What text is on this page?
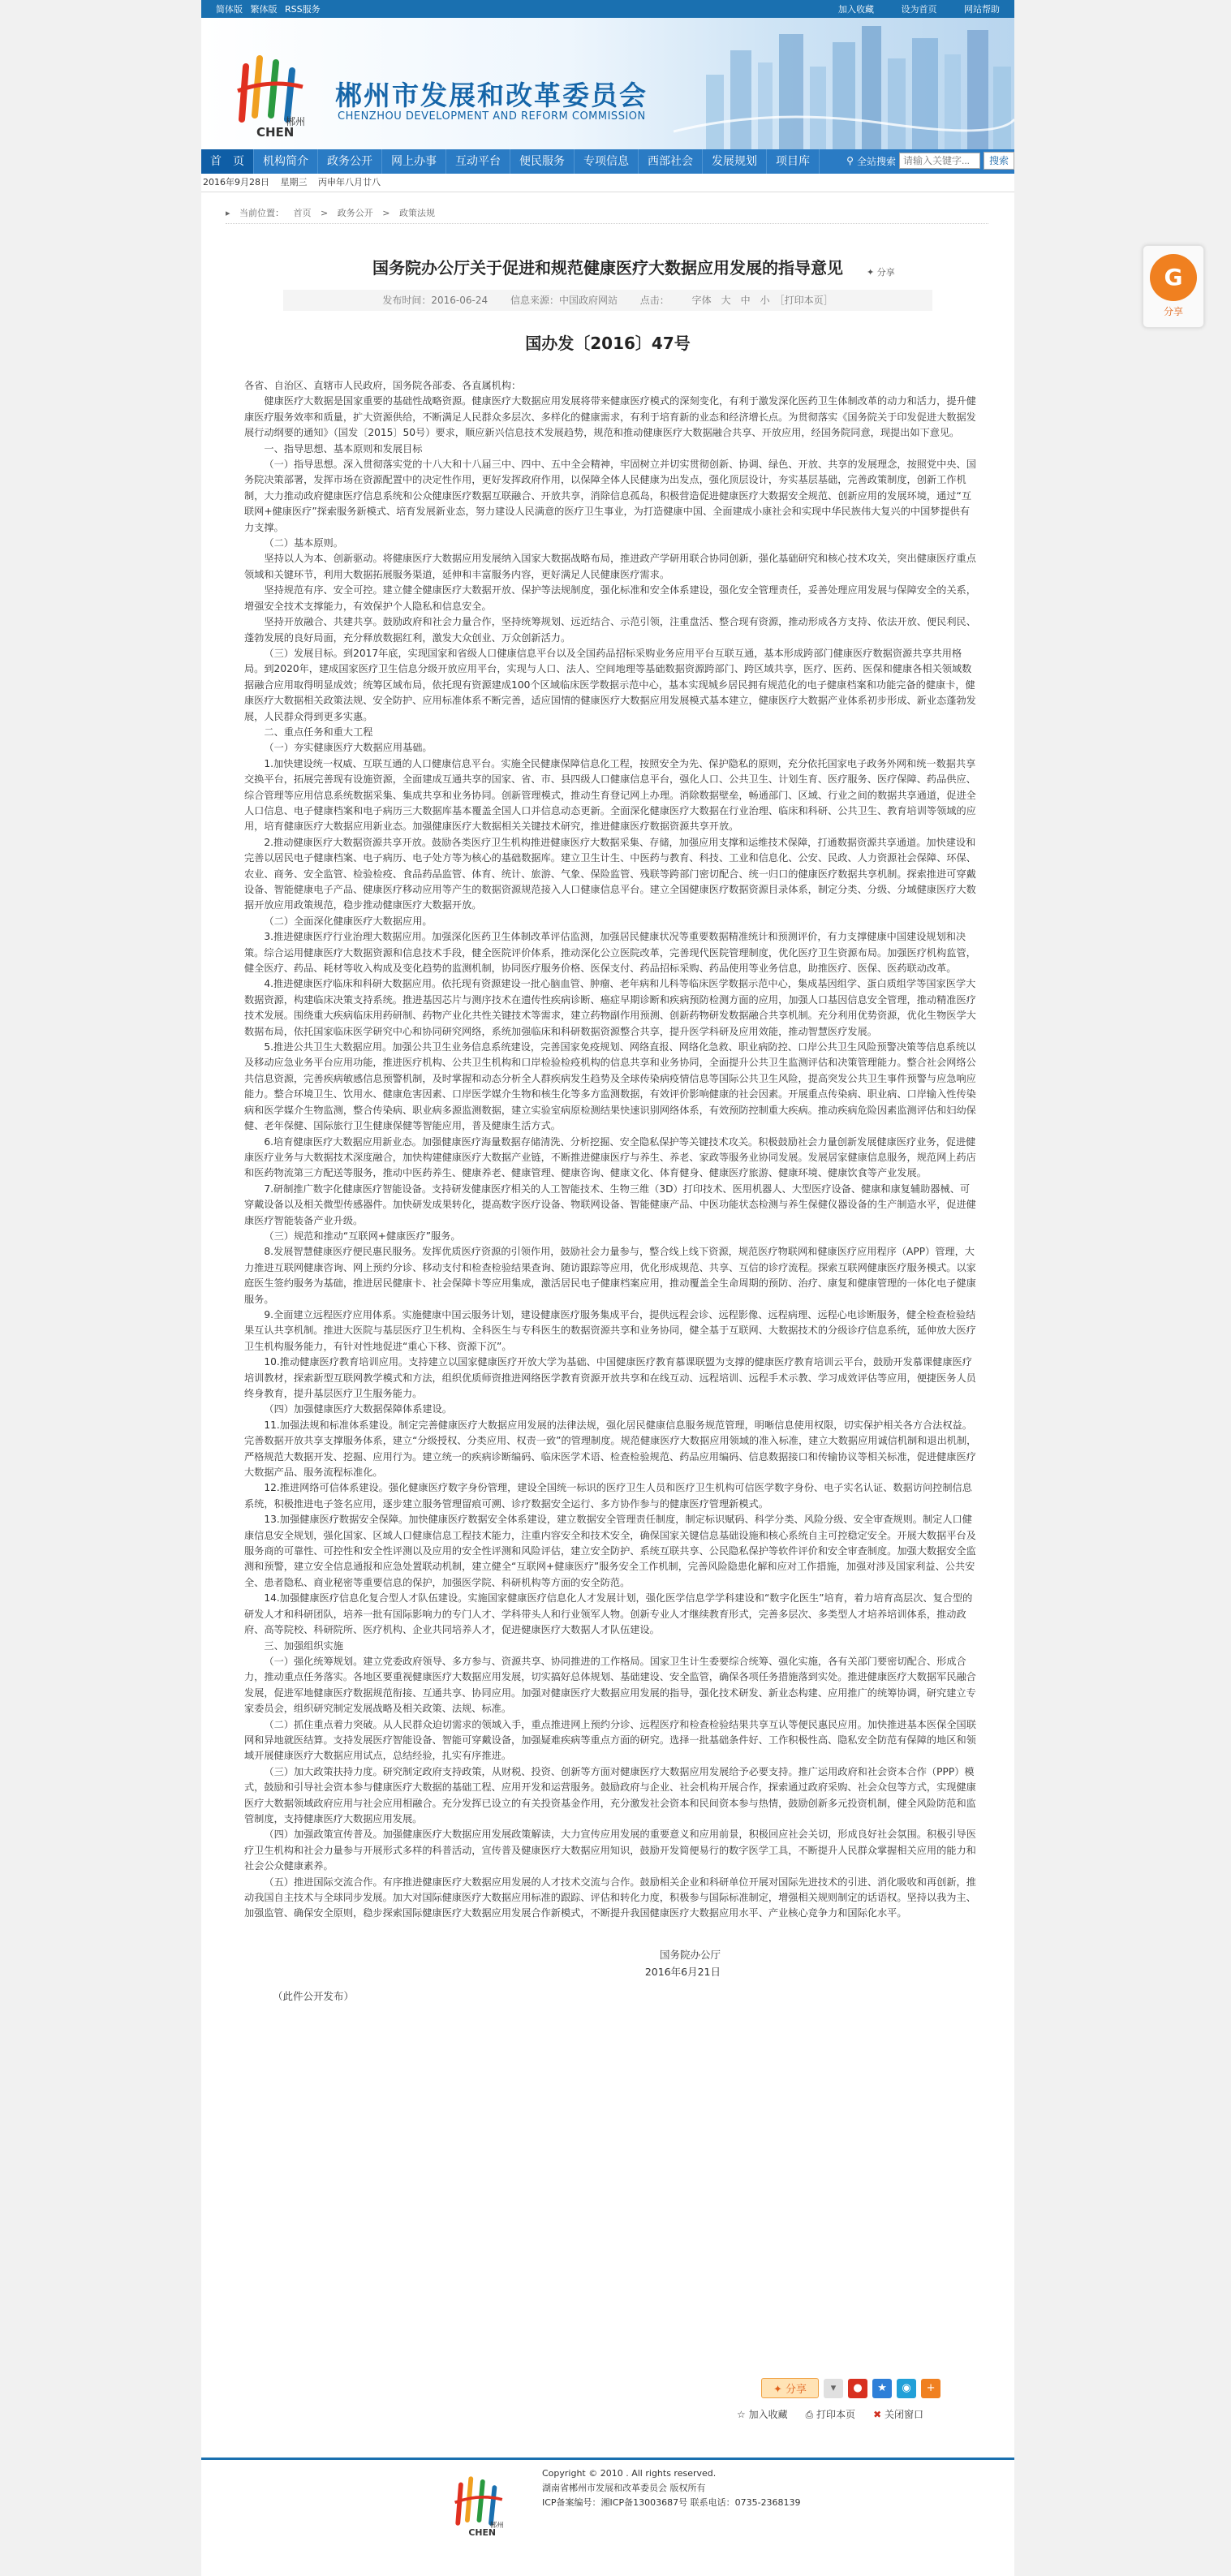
简体版 繁体版 RSS服务	加入收藏	设为首页	网站帮助
郴州
CHEN
郴州市发展和改革委员会
CHENZHOU DEVELOPMENT AND REFORM COMMISSION
首　页	机构简介	政务公开	网上办事	互动平台	便民服务	专项信息	西部社会	发展规划	项目库	⚲ 全站搜索
请输入关键字...	搜索
2016年9月28日 星期三 丙申年八月廿八
▸ 当前位置： 首页 > 政务公开 > 政策法规
国务院办公厅关于促进和规范健康医疗大数据应用发展的指导意见	✦ 分享
发布时间：2016-06-24 信息来源：中国政府网站 点击： 字体　大　中　小　［打印本页］
国办发〔2016〕47号

各省、自治区、直辖市人民政府，国务院各部委、各直属机构：

健康医疗大数据是国家重要的基础性战略资源。健康医疗大数据应用发展将带来健康医疗模式的深刻变化，有利于激发深化医药卫生体制改革的动力和活力，提升健康医疗服务效率和质量，扩大资源供给，不断满足人民群众多层次、多样化的健康需求，有利于培育新的业态和经济增长点。为贯彻落实《国务院关于印发促进大数据发展行动纲要的通知》（国发〔2015〕50号）要求，顺应新兴信息技术发展趋势，规范和推动健康医疗大数据融合共享、开放应用，经国务院同意，现提出如下意见。

一、指导思想、基本原则和发展目标

（一）指导思想。深入贯彻落实党的十八大和十八届三中、四中、五中全会精神，牢固树立并切实贯彻创新、协调、绿色、开放、共享的发展理念，按照党中央、国务院决策部署，发挥市场在资源配置中的决定性作用，更好发挥政府作用，以保障全体人民健康为出发点，强化顶层设计，夯实基层基础，完善政策制度，创新工作机制，大力推动政府健康医疗信息系统和公众健康医疗数据互联融合、开放共享，消除信息孤岛，积极营造促进健康医疗大数据安全规范、创新应用的发展环境，通过“互联网+健康医疗”探索服务新模式、培育发展新业态，努力建设人民满意的医疗卫生事业，为打造健康中国、全面建成小康社会和实现中华民族伟大复兴的中国梦提供有力支撑。

（二）基本原则。

坚持以人为本、创新驱动。将健康医疗大数据应用发展纳入国家大数据战略布局，推进政产学研用联合协同创新，强化基础研究和核心技术攻关，突出健康医疗重点领域和关键环节，利用大数据拓展服务渠道，延伸和丰富服务内容，更好满足人民健康医疗需求。

坚持规范有序、安全可控。建立健全健康医疗大数据开放、保护等法规制度，强化标准和安全体系建设，强化安全管理责任，妥善处理应用发展与保障安全的关系，增强安全技术支撑能力，有效保护个人隐私和信息安全。

坚持开放融合、共建共享。鼓励政府和社会力量合作，坚持统筹规划、远近结合、示范引领，注重盘活、整合现有资源，推动形成各方支持、依法开放、便民利民、蓬勃发展的良好局面，充分释放数据红利，激发大众创业、万众创新活力。

（三）发展目标。到2017年底，实现国家和省级人口健康信息平台以及全国药品招标采购业务应用平台互联互通，基本形成跨部门健康医疗数据资源共享共用格局。到2020年，建成国家医疗卫生信息分级开放应用平台，实现与人口、法人、空间地理等基础数据资源跨部门、跨区域共享，医疗、医药、医保和健康各相关领域数据融合应用取得明显成效；统筹区域布局，依托现有资源建成100个区域临床医学数据示范中心，基本实现城乡居民拥有规范化的电子健康档案和功能完备的健康卡，健康医疗大数据相关政策法规、安全防护、应用标准体系不断完善，适应国情的健康医疗大数据应用发展模式基本建立，健康医疗大数据产业体系初步形成、新业态蓬勃发展，人民群众得到更多实惠。

二、重点任务和重大工程

（一）夯实健康医疗大数据应用基础。

1.加快建设统一权威、互联互通的人口健康信息平台。实施全民健康保障信息化工程，按照安全为先、保护隐私的原则，充分依托国家电子政务外网和统一数据共享交换平台，拓展完善现有设施资源，全面建成互通共享的国家、省、市、县四级人口健康信息平台，强化人口、公共卫生、计划生育、医疗服务、医疗保障、药品供应、综合管理等应用信息系统数据采集、集成共享和业务协同。创新管理模式，推动生育登记网上办理。消除数据壁垒，畅通部门、区域、行业之间的数据共享通道，促进全人口信息、电子健康档案和电子病历三大数据库基本覆盖全国人口并信息动态更新。全面深化健康医疗大数据在行业治理、临床和科研、公共卫生、教育培训等领域的应用，培育健康医疗大数据应用新业态。加强健康医疗大数据相关关键技术研究，推进健康医疗数据资源共享开放。

2.推动健康医疗大数据资源共享开放。鼓励各类医疗卫生机构推进健康医疗大数据采集、存储，加强应用支撑和运维技术保障，打通数据资源共享通道。加快建设和完善以居民电子健康档案、电子病历、电子处方等为核心的基础数据库。建立卫生计生、中医药与教育、科技、工业和信息化、公安、民政、人力资源社会保障、环保、农业、商务、安全监管、检验检疫、食品药品监管、体育、统计、旅游、气象、保险监管、残联等跨部门密切配合、统一归口的健康医疗数据共享机制。探索推进可穿戴设备、智能健康电子产品、健康医疗移动应用等产生的数据资源规范接入人口健康信息平台。建立全国健康医疗数据资源目录体系，制定分类、分级、分域健康医疗大数据开放应用政策规范，稳步推动健康医疗大数据开放。

（二）全面深化健康医疗大数据应用。

3.推进健康医疗行业治理大数据应用。加强深化医药卫生体制改革评估监测，加强居民健康状况等重要数据精准统计和预测评价，有力支撑健康中国建设规划和决策。综合运用健康医疗大数据资源和信息技术手段，健全医院评价体系，推动深化公立医院改革，完善现代医院管理制度，优化医疗卫生资源布局。加强医疗机构监管，健全医疗、药品、耗材等收入构成及变化趋势的监测机制，协同医疗服务价格、医保支付、药品招标采购、药品使用等业务信息，助推医疗、医保、医药联动改革。

4.推进健康医疗临床和科研大数据应用。依托现有资源建设一批心脑血管、肿瘤、老年病和儿科等临床医学数据示范中心，集成基因组学、蛋白质组学等国家医学大数据资源，构建临床决策支持系统。推进基因芯片与测序技术在遗传性疾病诊断、癌症早期诊断和疾病预防检测方面的应用，加强人口基因信息安全管理，推动精准医疗技术发展。围绕重大疾病临床用药研制、药物产业化共性关键技术等需求，建立药物副作用预测、创新药物研发数据融合共享机制。充分利用优势资源，优化生物医学大数据布局，依托国家临床医学研究中心和协同研究网络，系统加强临床和科研数据资源整合共享，提升医学科研及应用效能，推动智慧医疗发展。

5.推进公共卫生大数据应用。加强公共卫生业务信息系统建设，完善国家免疫规划、网络直报、网络化急救、职业病防控、口岸公共卫生风险预警决策等信息系统以及移动应急业务平台应用功能，推进医疗机构、公共卫生机构和口岸检验检疫机构的信息共享和业务协同，全面提升公共卫生监测评估和决策管理能力。整合社会网络公共信息资源，完善疾病敏感信息预警机制，及时掌握和动态分析全人群疾病发生趋势及全球传染病疫情信息等国际公共卫生风险，提高突发公共卫生事件预警与应急响应能力。整合环境卫生、饮用水、健康危害因素、口岸医学媒介生物和核生化等多方监测数据，有效评价影响健康的社会因素。开展重点传染病、职业病、口岸输入性传染病和医学媒介生物监测，整合传染病、职业病多源监测数据，建立实验室病原检测结果快速识别网络体系，有效预防控制重大疾病。推动疾病危险因素监测评估和妇幼保健、老年保健、国际旅行卫生健康保健等智能应用，普及健康生活方式。

6.培育健康医疗大数据应用新业态。加强健康医疗海量数据存储清洗、分析挖掘、安全隐私保护等关键技术攻关。积极鼓励社会力量创新发展健康医疗业务，促进健康医疗业务与大数据技术深度融合，加快构建健康医疗大数据产业链，不断推进健康医疗与养生、养老、家政等服务业协同发展。发展居家健康信息服务，规范网上药店和医药物流第三方配送等服务，推动中医药养生、健康养老、健康管理、健康咨询、健康文化、体育健身、健康医疗旅游、健康环境、健康饮食等产业发展。

7.研制推广数字化健康医疗智能设备。支持研发健康医疗相关的人工智能技术、生物三维（3D）打印技术、医用机器人、大型医疗设备、健康和康复辅助器械、可穿戴设备以及相关微型传感器件。加快研发成果转化，提高数字医疗设备、物联网设备、智能健康产品、中医功能状态检测与养生保健仪器设备的生产制造水平，促进健康医疗智能装备产业升级。

（三）规范和推动“互联网+健康医疗”服务。

8.发展智慧健康医疗便民惠民服务。发挥优质医疗资源的引领作用，鼓励社会力量参与，整合线上线下资源，规范医疗物联网和健康医疗应用程序（APP）管理，大力推进互联网健康咨询、网上预约分诊、移动支付和检查检验结果查询、随访跟踪等应用，优化形成规范、共享、互信的诊疗流程。探索互联网健康医疗服务模式。以家庭医生签约服务为基础，推进居民健康卡、社会保障卡等应用集成，激活居民电子健康档案应用，推动覆盖全生命周期的预防、治疗、康复和健康管理的一体化电子健康服务。

9.全面建立远程医疗应用体系。实施健康中国云服务计划，建设健康医疗服务集成平台，提供远程会诊、远程影像、远程病理、远程心电诊断服务，健全检查检验结果互认共享机制。推进大医院与基层医疗卫生机构、全科医生与专科医生的数据资源共享和业务协同，健全基于互联网、大数据技术的分级诊疗信息系统，延伸放大医疗卫生机构服务能力，有针对性地促进“重心下移、资源下沉”。

10.推动健康医疗教育培训应用。支持建立以国家健康医疗开放大学为基础、中国健康医疗教育慕课联盟为支撑的健康医疗教育培训云平台，鼓励开发慕课健康医疗培训教材，探索新型互联网教学模式和方法，组织优质师资推进网络医学教育资源开放共享和在线互动、远程培训、远程手术示教、学习成效评估等应用，便捷医务人员终身教育，提升基层医疗卫生服务能力。

（四）加强健康医疗大数据保障体系建设。

11.加强法规和标准体系建设。制定完善健康医疗大数据应用发展的法律法规，强化居民健康信息服务规范管理，明晰信息使用权限，切实保护相关各方合法权益。完善数据开放共享支撑服务体系，建立“分级授权、分类应用、权责一致”的管理制度。规范健康医疗大数据应用领域的准入标准，建立大数据应用诚信机制和退出机制，严格规范大数据开发、挖掘、应用行为。建立统一的疾病诊断编码、临床医学术语、检查检验规范、药品应用编码、信息数据接口和传输协议等相关标准，促进健康医疗大数据产品、服务流程标准化。

12.推进网络可信体系建设。强化健康医疗数字身份管理，建设全国统一标识的医疗卫生人员和医疗卫生机构可信医学数字身份、电子实名认证、数据访问控制信息系统，积极推进电子签名应用，逐步建立服务管理留痕可溯、诊疗数据安全运行、多方协作参与的健康医疗管理新模式。

13.加强健康医疗数据安全保障。加快健康医疗数据安全体系建设，建立数据安全管理责任制度，制定标识赋码、科学分类、风险分级、安全审查规则。制定人口健康信息安全规划，强化国家、区域人口健康信息工程技术能力，注重内容安全和技术安全，确保国家关键信息基础设施和核心系统自主可控稳定安全。开展大数据平台及服务商的可靠性、可控性和安全性评测以及应用的安全性评测和风险评估，建立安全防护、系统互联共享、公民隐私保护等软件评价和安全审查制度。加强大数据安全监测和预警，建立安全信息通报和应急处置联动机制，建立健全“互联网+健康医疗”服务安全工作机制，完善风险隐患化解和应对工作措施，加强对涉及国家利益、公共安全、患者隐私、商业秘密等重要信息的保护，加强医学院、科研机构等方面的安全防范。

14.加强健康医疗信息化复合型人才队伍建设。实施国家健康医疗信息化人才发展计划，强化医学信息学学科建设和“数字化医生”培育，着力培育高层次、复合型的研发人才和科研团队，培养一批有国际影响力的专门人才、学科带头人和行业领军人物。创新专业人才继续教育形式，完善多层次、多类型人才培养培训体系，推动政府、高等院校、科研院所、医疗机构、企业共同培养人才，促进健康医疗大数据人才队伍建设。

三、加强组织实施

（一）强化统筹规划。建立党委政府领导、多方参与、资源共享、协同推进的工作格局。国家卫生计生委要综合统筹、强化实施，各有关部门要密切配合、形成合力，推动重点任务落实。各地区要重视健康医疗大数据应用发展，切实搞好总体规划、基础建设、安全监管，确保各项任务措施落到实处。推进健康医疗大数据军民融合发展，促进军地健康医疗数据规范衔接、互通共享、协同应用。加强对健康医疗大数据应用发展的指导，强化技术研发、新业态构建、应用推广的统筹协调，研究建立专家委员会，组织研究制定发展战略及相关政策、法规、标准。

（二）抓住重点着力突破。从人民群众迫切需求的领域入手，重点推进网上预约分诊、远程医疗和检查检验结果共享互认等便民惠民应用。加快推进基本医保全国联网和异地就医结算。支持发展医疗智能设备、智能可穿戴设备，加强疑难疾病等重点方面的研究。选择一批基础条件好、工作积极性高、隐私安全防范有保障的地区和领域开展健康医疗大数据应用试点，总结经验，扎实有序推进。

（三）加大政策扶持力度。研究制定政府支持政策，从财税、投资、创新等方面对健康医疗大数据应用发展给予必要支持。推广运用政府和社会资本合作（PPP）模式，鼓励和引导社会资本参与健康医疗大数据的基础工程、应用开发和运营服务。鼓励政府与企业、社会机构开展合作，探索通过政府采购、社会众包等方式，实现健康医疗大数据领域政府应用与社会应用相融合。充分发挥已设立的有关投资基金作用，充分激发社会资本和民间资本参与热情，鼓励创新多元投资机制，健全风险防范和监管制度，支持健康医疗大数据应用发展。

（四）加强政策宣传普及。加强健康医疗大数据应用发展政策解读，大力宣传应用发展的重要意义和应用前景，积极回应社会关切，形成良好社会氛围。积极引导医疗卫生机构和社会力量参与开展形式多样的科普活动，宣传普及健康医疗大数据应用知识，鼓励开发简便易行的数字医学工具，不断提升人民群众掌握相关应用的能力和社会公众健康素养。

（五）推进国际交流合作。有序推进健康医疗大数据应用发展的人才技术交流与合作。鼓励相关企业和科研单位开展对国际先进技术的引进、消化吸收和再创新，推动我国自主技术与全球同步发展。加大对国际健康医疗大数据应用标准的跟踪、评估和转化力度，积极参与国际标准制定，增强相关规则制定的话语权。坚持以我为主、加强监管、确保安全原则，稳步探索国际健康医疗大数据应用发展合作新模式，不断提升我国健康医疗大数据应用水平、产业核心竞争力和国际化水平。

国务院办公厅
2016年6月21日
（此件公开发布）
✦ 分享	▾	●	★	◉	+
☆ 加入收藏 ⎙ 打印本页 ✖ 关闭窗口
郴州
CHEN
Copyright © 2010 . All rights reserved.
湖南省郴州市发展和改革委员会 版权所有
ICP备案编号：湘ICP备13003687号 联系电话：0735-2368139
G
分享
